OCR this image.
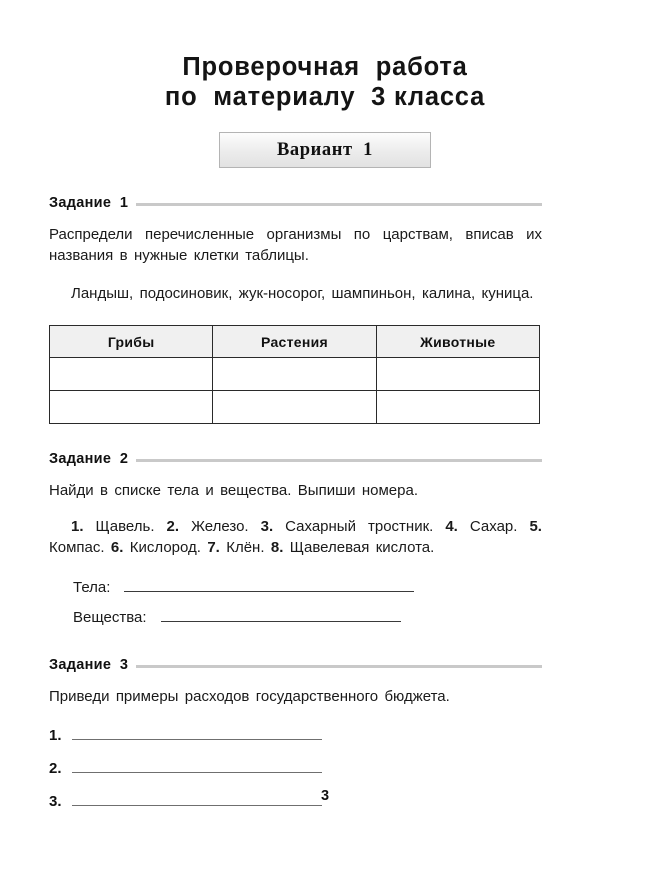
Проверочная  работа
по  материалу  3 класса
Вариант  1
Задание  1

Распредели перечисленные организмы по царствам, вписав их названия в нужные клетки таблицы.

Ландыш, подосиновик, жук-носорог, шампиньон, калина, куница.

Грибы	Растения	Животные

Задание  2

Найди в списке тела и вещества. Выпиши номера.

1. Щавель. 2. Железо. 3. Сахарный тростник. 4. Сахар. 5. Компас. 6. Кислород. 7. Клён. 8. Щавелевая кислота.

Тела:
Вещества:
Задание  3

Приведи примеры расходов государственного бюджета.

1.
2.
3.	3
